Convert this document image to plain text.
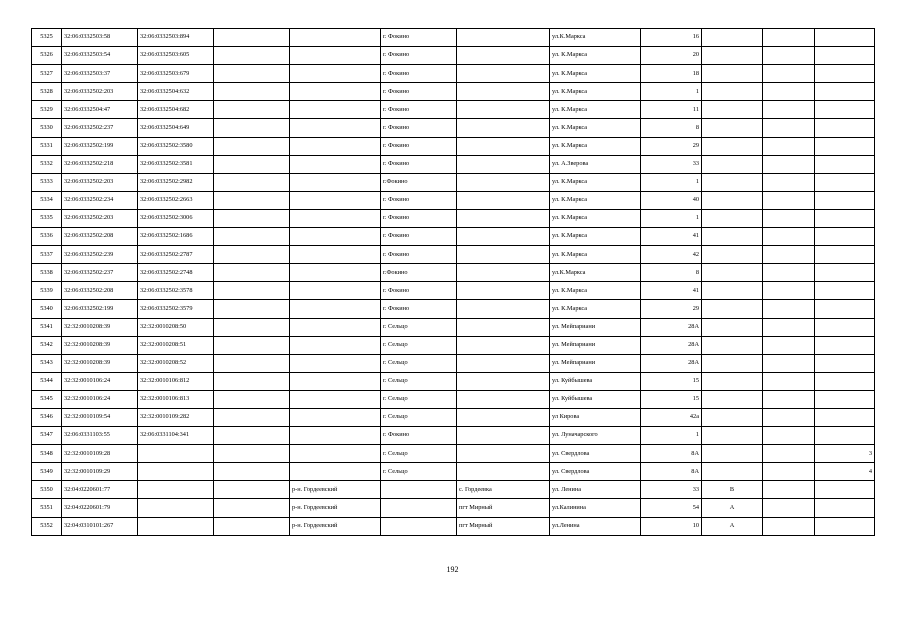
5325	32:06:0332503:58	32:06:0332503:894			г. Фокино		ул.К.Маркса	16			
5326	32:06:0332503:54	32:06:0332503:605			г. Фокино		ул. К.Маркса	20			
5327	32:06:0332503:37	32:06:0332503:679			г. Фокино		ул. К.Маркса	18			
5328	32:06:0332502:203	32:06:0332504:632			г. Фокино		ул. К.Маркса	1			
5329	32:06:0332504:47	32:06:0332504:682			г. Фокино		ул. К.Маркса	11			
5330	32:06:0332502:237	32:06:0332504:649			г. Фокино		ул. К.Маркса	8			
5331	32:06:0332502:199	32:06:0332502:3580			г. Фокино		ул. К.Маркса	29			
5332	32:06:0332502:218	32:06:0332502:3581			г. Фокино		ул. А.Зверова	33			
5333	32:06:0332502:203	32:06:0332502:2982			г.Фокино		ул. К.Маркса	1			
5334	32:06:0332502:234	32:06:0332502:2663			г. Фокино		ул. К.Маркса	40			
5335	32:06:0332502:203	32:06:0332502:3006			г. Фокино		ул. К.Маркса	1			
5336	32:06:0332502:208	32:06:0332502:1686			г. Фокино		ул. К.Маркса	41			
5337	32:06:0332502:239	32:06:0332502:2787			г. Фокино		ул. К.Маркса	42			
5338	32:06:0332502:237	32:06:0332502:2748			г.Фокино		ул.К.Маркса	8			
5339	32:06:0332502:208	32:06:0332502:3578			г. Фокино		ул. К.Маркса	41			
5340	32:06:0332502:199	32:06:0332502:3579			г. Фокино		ул. К.Маркса	29			
5341	32:32:0010208:39	32:32:0010208:50			г. Сельцо		ул. Мейпариани	28А			
5342	32:32:0010208:39	32:32:0010208:51			г. Сельцо		ул. Мейпариани	28А			
5343	32:32:0010208:39	32:32:0010208:52			г. Сельцо		ул. Мейпариани	28А			
5344	32:32:0010106:24	32:32:0010106:812			г. Сельцо		ул. Куйбышева	15			
5345	32:32:0010106:24	32:32:0010106:813			г. Сельцо		ул. Куйбышева	15			
5346	32:32:0010109:54	32:32:0010109:282			г. Сельцо		ул Кирова	42а			
5347	32:06:0331103:55	32:06:0331104:341			г. Фокино		ул. Луначарского	1			
5348	32:32:0010109:28				г. Сельцо		ул. Свердлова	8А			3
5349	32:32:0010109:29				г. Сельцо		ул. Свердлова	8А			4
5350	32:04:0220601:77			р-н. Гордеевский		с. Гордеевка	ул. Ленина	33	В		
5351	32:04:0220601:79			р-н. Гордеевский		пгт Мирный	ул.Калинина	54	А		
5352	32:04:0310101:267			р-н. Гордеевский		пгт Мирный	ул.Ленина	10	А		
192
